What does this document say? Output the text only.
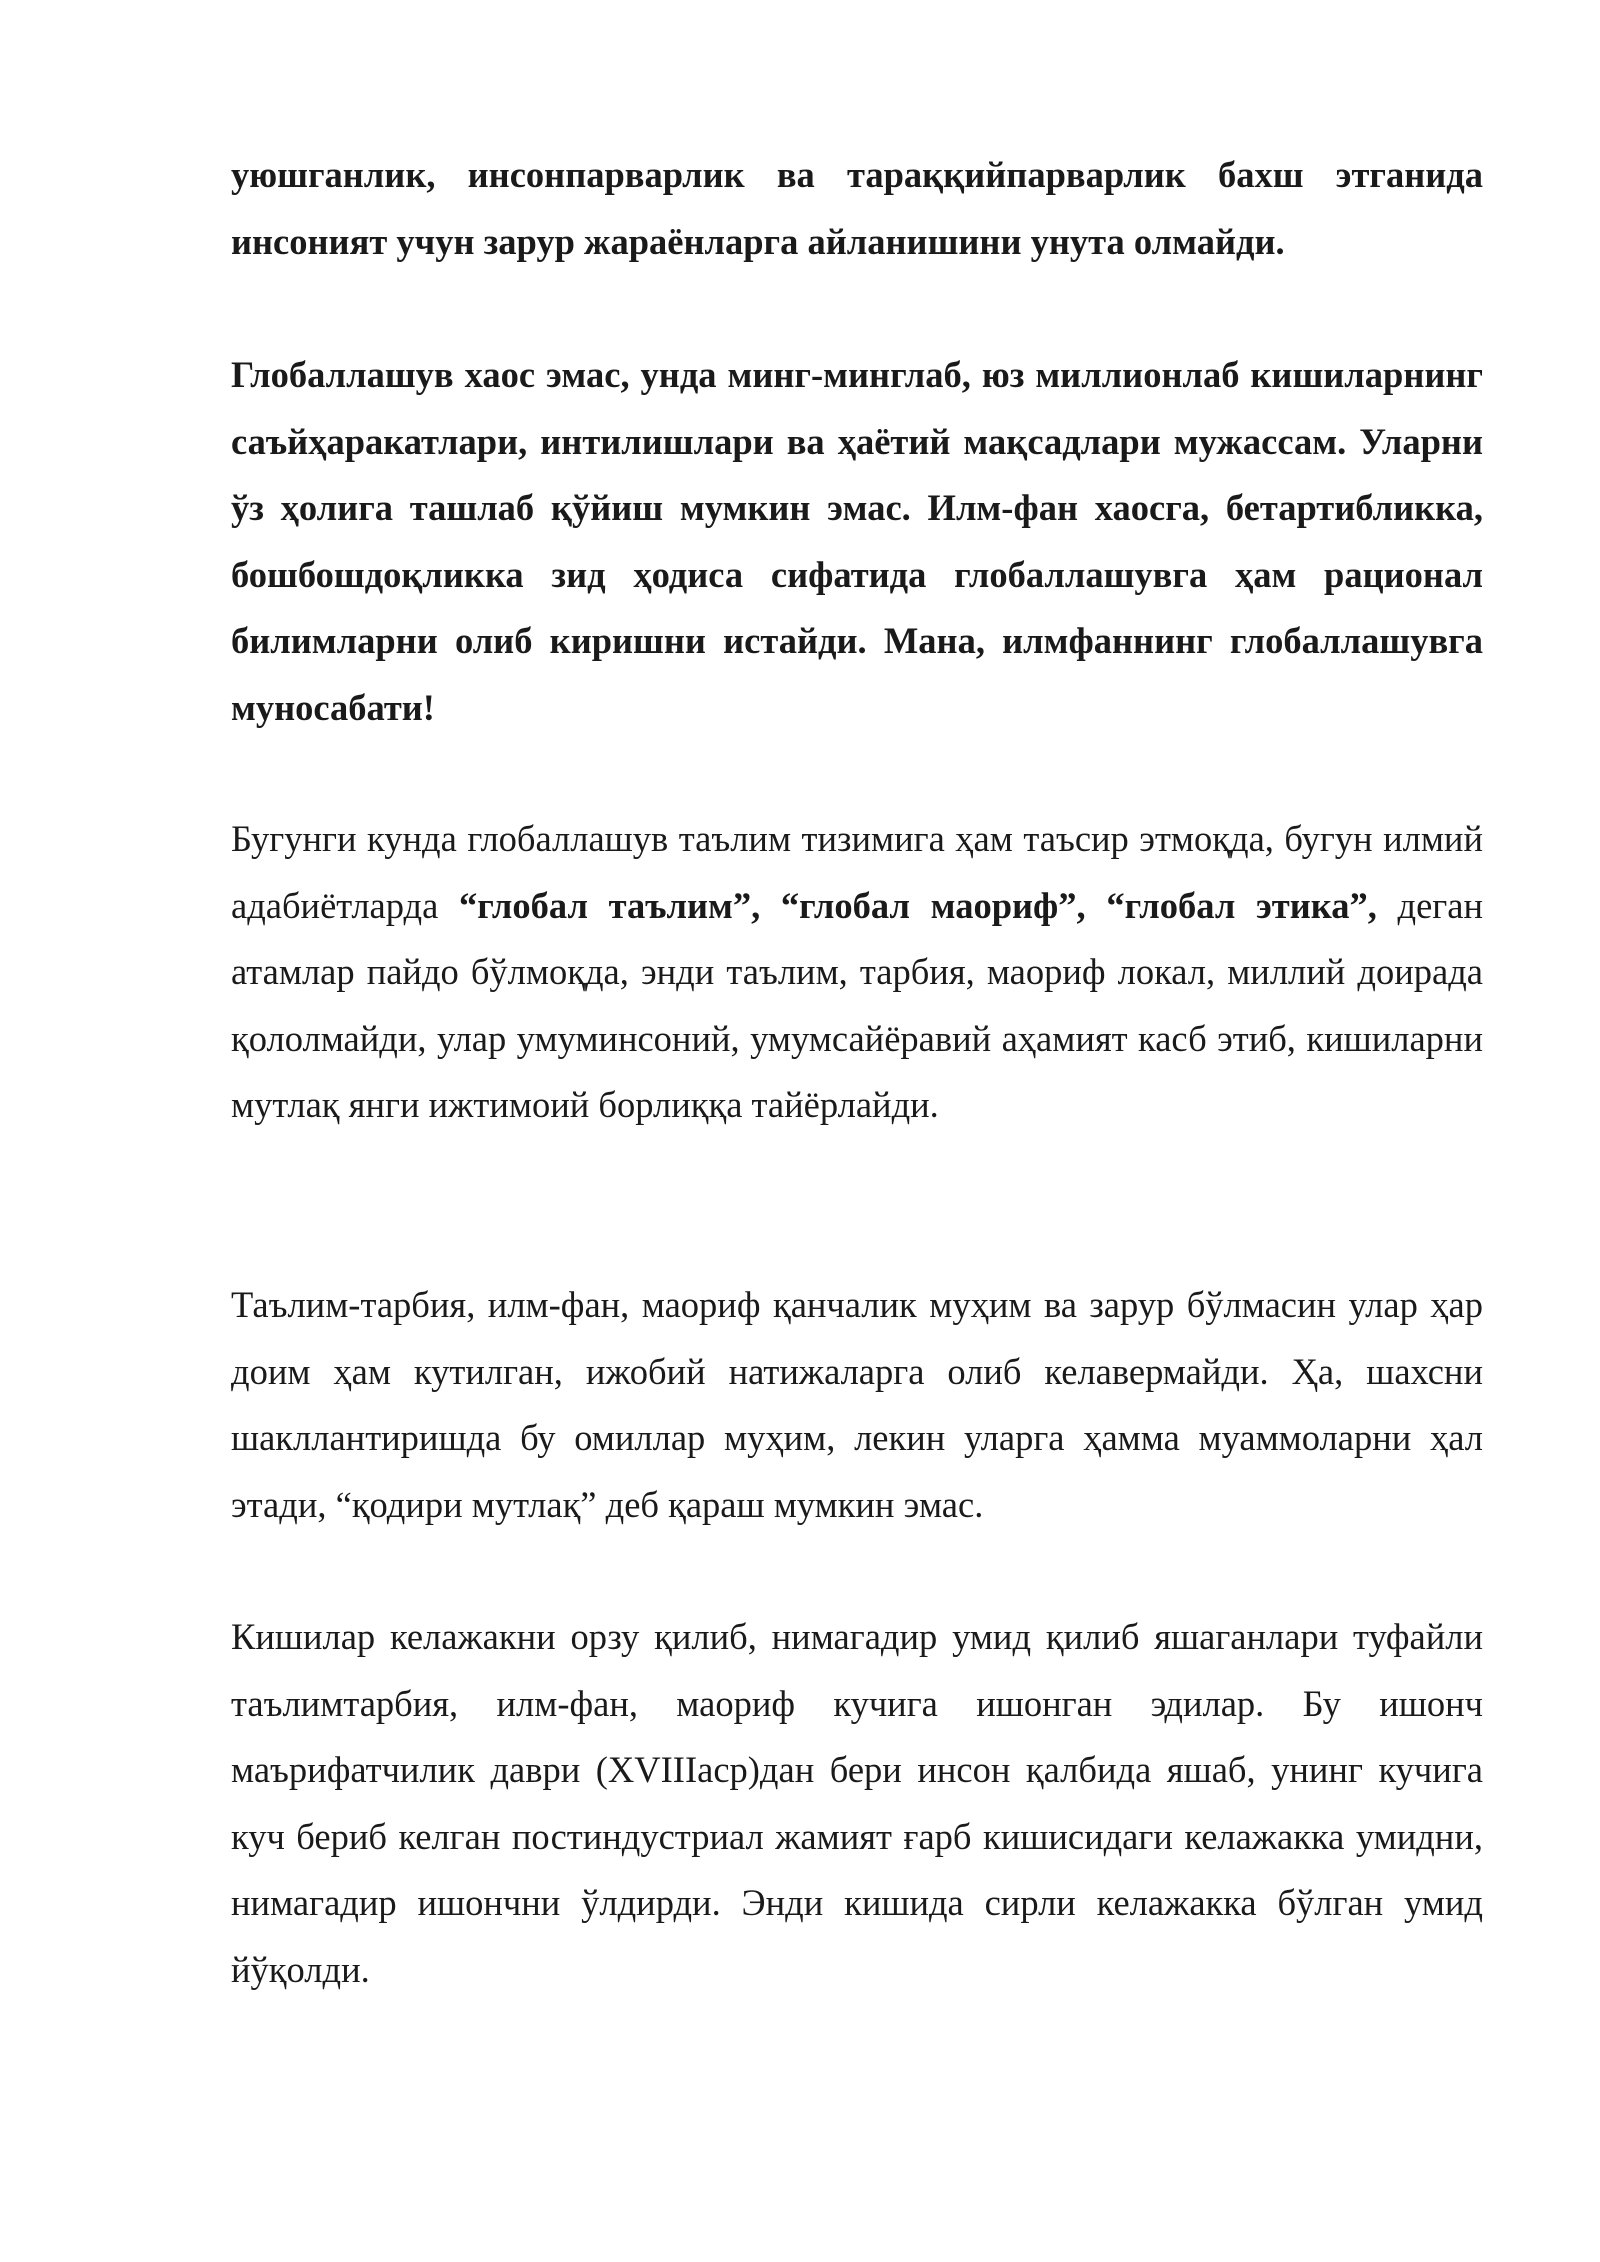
уюшганлик, инсонпарварлик ва тараққийпарварлик бахш этганида инсоният учун зарур жараёнларга айланишини унута олмайди.

Глобаллашув хаос эмас, унда минг-минглаб, юз миллионлаб кишиларнинг саъйҳаракатлари, интилишлари ва ҳаётий мақсадлари мужассам. Уларни ўз ҳолига ташлаб қўйиш мумкин эмас. Илм-фан хаосга, бетартибликка, бошбошдоқликка зид ҳодиса сифатида глобаллашувга ҳам рационал билимларни олиб киришни истайди. Мана, илмфаннинг глобаллашувга муносабати!

Бугунги кунда глобаллашув таълим тизимига ҳам таъсир этмоқда, бугун илмий адабиётларда “глобал таълим”, “глобал маориф”, “глобал этика”, деган атамлар пайдо бўлмоқда, энди таълим, тарбия, маориф локал, миллий доирада қололмайди, улар умуминсоний, умумсайёравий аҳамият касб этиб, кишиларни мутлақ янги ижтимоий борлиққа тайёрлайди.

Таълим-тарбия, илм-фан, маориф қанчалик муҳим ва зарур бўлмасин улар ҳар доим ҳам кутилган, ижобий натижаларга олиб келавермайди. Ҳа, шахсни шакллантиришда бу омиллар муҳим, лекин уларга ҳамма муаммоларни ҳал этади, “қодири мутлақ” деб қараш мумкин эмас.

Кишилар келажакни орзу қилиб, нимагадир умид қилиб яшаганлари туфайли таълимтарбия, илм-фан, маориф кучига ишонган эдилар. Бу ишонч маърифатчилик даври (XVIIIаср)дан бери инсон қалбида яшаб, унинг кучига куч бериб келган постиндустриал жамият ғарб кишисидаги келажакка умидни, нимагадир ишончни ўлдирди. Энди кишида сирли келажакка бўлган умид йўқолди.
